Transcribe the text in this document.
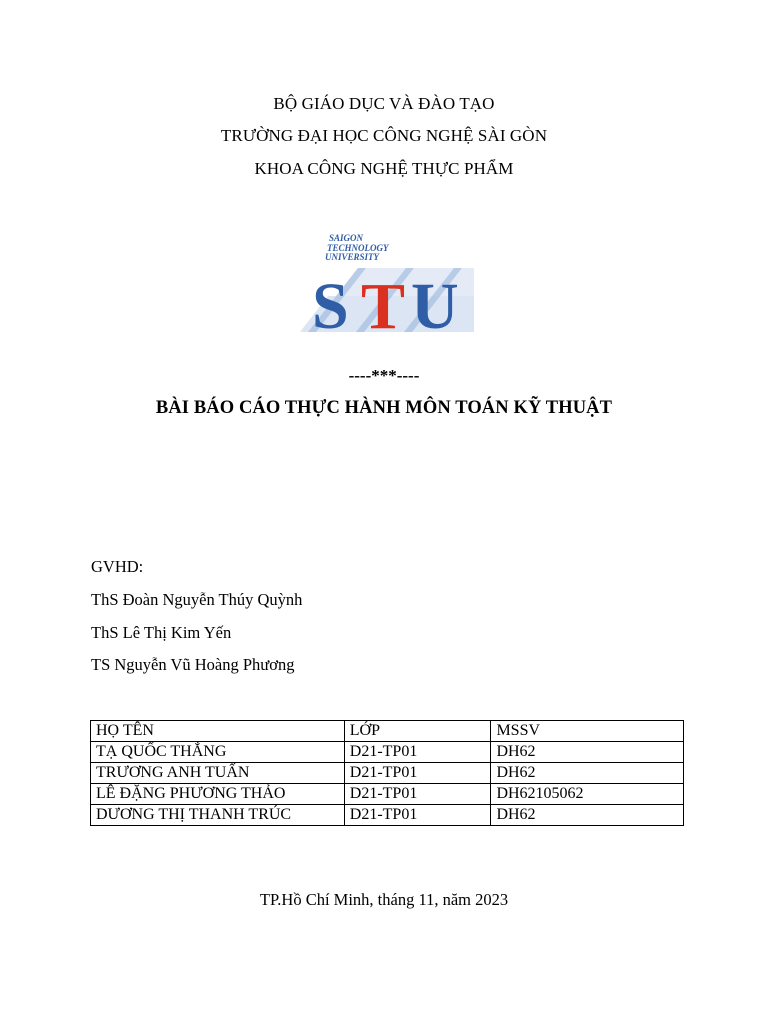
BỘ GIÁO DỤC VÀ ĐÀO TẠO
TRƯỜNG ĐẠI HỌC CÔNG NGHỆ SÀI GÒN
KHOA CÔNG NGHỆ THỰC PHẨM
SAIGON
TECHNOLOGY
UNIVERSITY
S T U
----***----
BÀI BÁO CÁO THỰC HÀNH MÔN TOÁN KỸ THUẬT
GVHD:
ThS Đoàn Nguyễn Thúy Quỳnh
ThS Lê Thị Kim Yến
TS Nguyễn Vũ Hoàng Phương
HỌ TÊN	LỚP	MSSV
TẠ QUỐC THẮNG	D21-TP01	DH62
TRƯƠNG ANH TUẤN	D21-TP01	DH62
LÊ ĐẶNG PHƯƠNG THẢO	D21-TP01	DH62105062
DƯƠNG THỊ THANH TRÚC	D21-TP01	DH62
TP.Hồ Chí Minh, tháng 11, năm 2023
